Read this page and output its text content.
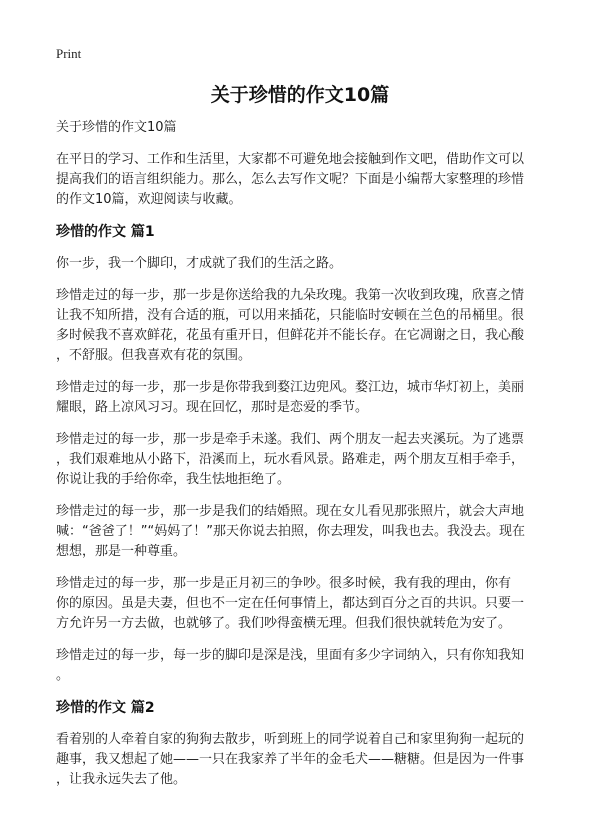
Print
关于珍惜的作文10篇
关于珍惜的作文10篇
在平日的学习、工作和生活里，大家都不可避免地会接触到作文吧，借助作文可以
提高我们的语言组织能力。那么，怎么去写作文呢？下面是小编帮大家整理的珍惜
的作文10篇，欢迎阅读与收藏。
珍惜的作文 篇1
你一步，我一个脚印，才成就了我们的生活之路。
珍惜走过的每一步，那一步是你送给我的九朵玫瑰。我第一次收到玫瑰，欣喜之情
让我不知所措，没有合适的瓶，可以用来插花，只能临时安顿在兰色的吊桶里。很
多时候我不喜欢鲜花，花虽有重开日，但鲜花并不能长存。在它凋谢之日，我心酸
，不舒服。但我喜欢有花的氛围。
珍惜走过的每一步，那一步是你带我到婺江边兜风。婺江边，城市华灯初上，美丽
耀眼，路上凉风习习。现在回忆，那时是恋爱的季节。
珍惜走过的每一步，那一步是牵手未遂。我们、两个朋友一起去夹溪玩。为了逃票
，我们艰难地从小路下，沿溪而上，玩水看风景。路难走，两个朋友互相手牵手，
你说让我的手给你牵，我生怯地拒绝了。
珍惜走过的每一步，那一步是我们的结婚照。现在女儿看见那张照片，就会大声地
喊：“爸爸了！”“妈妈了！”那天你说去拍照，你去理发，叫我也去。我没去。现在
想想，那是一种尊重。
珍惜走过的每一步，那一步是正月初三的争吵。很多时候，我有我的理由，你有
你的原因。虽是夫妻，但也不一定在任何事情上，都达到百分之百的共识。只要一
方允许另一方去做，也就够了。我们吵得蛮横无理。但我们很快就转危为安了。
珍惜走过的每一步，每一步的脚印是深是浅，里面有多少字词纳入，只有你知我知
。
珍惜的作文 篇2
看着别的人牵着自家的狗狗去散步，听到班上的同学说着自己和家里狗狗一起玩的
趣事，我又想起了她——一只在我家养了半年的金毛犬——糖糖。但是因为一件事
，让我永远失去了他。
